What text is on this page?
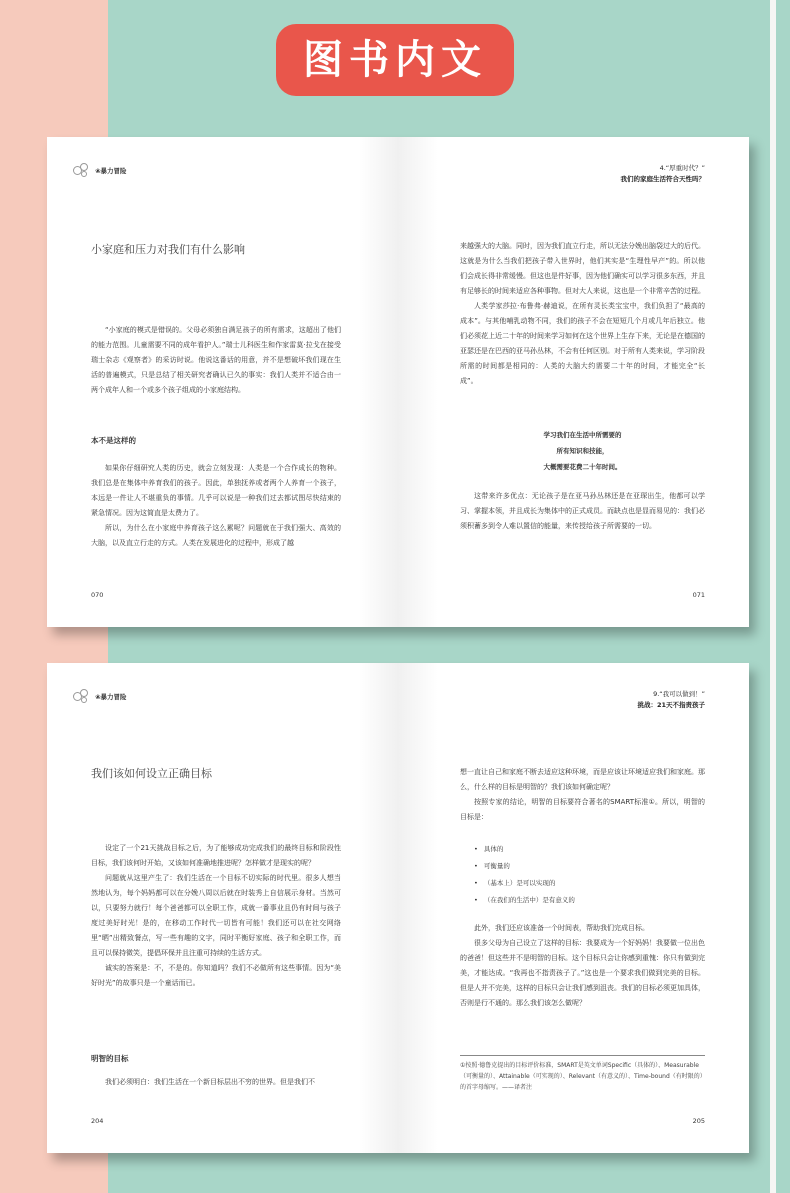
图书内文
❀暴力冒险
小家庭和压力对我们有什么影响

“小家庭的模式是错误的。父母必须独自满足孩子的所有需求，这超出了他们的能力范围。儿童需要不同的成年看护人。”瑞士儿科医生和作家雷莫·拉戈在接受瑞士杂志《观察者》的采访时说。他说这番话的用意，并不是想破坏我们现在生活的普遍模式，只是总结了相关研究者确认已久的事实：我们人类并不适合由一两个成年人和一个或多个孩子组成的小家庭结构。

本不是这样的

如果你仔细研究人类的历史，就会立刻发现：人类是一个合作成长的物种。我们总是在集体中养育我们的孩子。因此，单独抚养或者两个人养育一个孩子，本远是一件让人不堪重负的事情。几乎可以说是一种我们过去都试图尽快结束的紧急情况。因为这简直是太费力了。

所以，为什么在小家庭中养育孩子这么累呢？问题就在于我们强大、高效的大脑，以及直立行走的方式。人类在发展进化的过程中，形成了越

070
4.“厚重时代？”
我们的家庭生活符合天性吗？

来越强大的大脑。同时，因为我们直立行走，所以无法分娩出脑袋过大的后代。这就是为什么当我们把孩子带入世界时，他们其实是“生理性早产”的。所以他们会成长得非常缓慢。但这也是件好事，因为他们确实可以学习很多东西，并且有足够长的时间来适应各种事物。但对大人来说，这也是一个非常辛苦的过程。

人类学家莎拉·布鲁弗·赫迪说，在所有灵长类宝宝中，我们负担了“最高的成本”。与其他哺乳动物不同，我们的孩子不会在短短几个月或几年后独立。他们必须花上近二十年的时间来学习如何在这个世界上生存下来，无论是在德国的亚瑟还是在巴西的亚马孙丛林，不会有任何区别。对于所有人类来说，学习阶段所需的时间都是相同的：人类的大脑大约需要二十年的时间，才能完全“长成”。

学习我们在生活中所需要的
所有知识和技能，
大概需要花费二十年时间。

这带来许多优点：无论孩子是在亚马孙丛林还是在亚琛出生，他都可以学习、掌握本领，并且成长为集体中的正式成员。而缺点也是显而易见的：我们必须积蓄多到令人难以置信的能量，来传授给孩子所需要的一切。

071
❀暴力冒险
我们该如何设立正确目标

设定了一个21天挑战目标之后，为了能够成功完成我们的最终目标和阶段性目标，我们该何时开始，又该如何准确地推进呢？怎样做才是现实的呢？

问题就从这里产生了：我们生活在一个目标不切实际的时代里。很多人想当然地认为，每个妈妈都可以在分娩八周以后就在时装秀上自信展示身材。当然可以，只要努力就行！每个爸爸都可以全职工作，成就一番事业且仍有时间与孩子度过美好时光！是的，在移动工作时代一切皆有可能！我们还可以在社交网络里“晒”出精致餐点，写一些有趣的文字，同时平衡好家庭、孩子和全职工作，而且可以保持微笑，提倡环保并且注重可持续的生活方式。

诚实的答案是：不，不是的。你知道吗？我们不必做所有这些事情。因为“美好时光”的故事只是一个童话而已。

明智的目标

我们必须明白：我们生活在一个新目标层出不穷的世界。但是我们不

204
9.“我可以做到！”
挑战：21天不指责孩子

想一直让自己和家庭不断去适应这种环境，而是应该让环境适应我们和家庭。那么，什么样的目标是明智的？我们该如何确定呢？

按照专家的结论，明智的目标要符合著名的SMART标准①。所以，明智的目标是：

• 具体的
• 可衡量的
• （基本上）是可以实现的
• （在我们的生活中）是有意义的

此外，我们还应该准备一个时间表，帮助我们完成目标。

很多父母为自己设立了这样的目标：我要成为一个好妈妈！我要做一位出色的爸爸！但这些并不是明智的目标。这个目标只会让你感到重愧：你只有做到完美，才能达成。“我再也不指责孩子了。”这也是一个要求我们做到完美的目标。但是人并不完美，这样的目标只会让我们感到沮丧。我们的目标必须更加具体，否则是行不通的。那么我们该怎么做呢？

①按照·德鲁克提出的目标评价标准，SMART是英文单词Specific（具体的）、Measurable（可衡量的）、Attainable（可实现的）、Relevant（有意义的）、Time-bound（有时限的）的首字母缩写。——译者注
205
